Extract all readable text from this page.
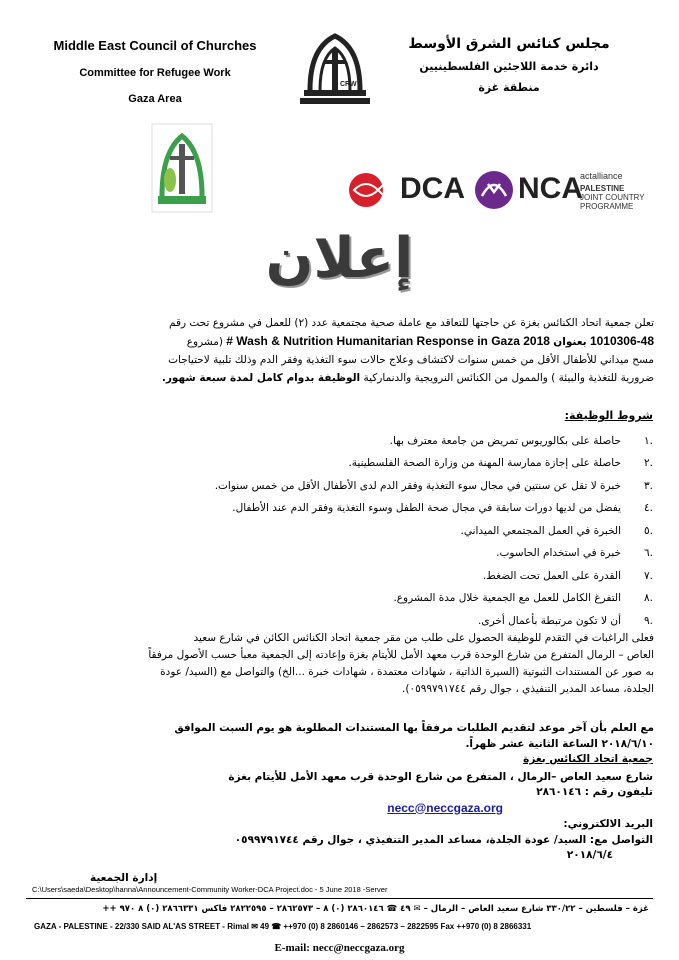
Middle East Council of Churches
Committee for Refugee Work
Gaza Area
مجلس كنائس الشرق الأوسط
دائرة خدمة اللاجئين الفلسطينيين
منطقة غزة
CRW
DCA NCA
actalliance
PALESTINE
JOINT COUNTRY
PROGRAMME
إعلان
تعلن جمعية اتحاد الكنائس بغزة عن حاجتها للتعاقد مع عاملة صحية مجتمعية عدد (٢) للعمل في مشروع تحت رقم
1010306-48 بعنوان # Wash & Nutrition Humanitarian Response in Gaza 2018 (مشروع
مسح ميداني للأطفال الأقل من خمس سنوات لاكتشاف وعلاج حالات سوء التغذية وفقر الدم وذلك تلبية لاحتياجات
ضرورية للتغذية والبيئة ) والممول من الكنائس النرويجية والدنماركية الوظيفة بدوام كامل لمدة سبعة شهور.
شروط الوظيفة:
.١
حاصلة على بكالوريوس تمريض من جامعة معترف بها.
.٢
حاصلة على إجازة ممارسة المهنة من وزارة الصحة الفلسطينية.
.٣
خبرة لا تقل عن سنتين في مجال سوء التغذية وفقر الدم لدى الأطفال الأقل من خمس سنوات.
.٤
يفضل من لديها دورات سابقة في مجال صحة الطفل وسوء التغذية وفقر الدم عند الأطفال.
.٥
الخبرة في العمل المجتمعي الميداني.
.٦
خبرة في استخدام الحاسوب.
.٧
القدرة على العمل تحت الضغط.
.٨
التفرغ الكامل للعمل مع الجمعية خلال مدة المشروع.
.٩
أن لا تكون مرتبطة بأعمال أخرى.
فعلى الراغبات في التقدم للوظيفة الحصول على طلب من مقر جمعية اتحاد الكنائس الكائن في شارع سعيد
العاص – الرمال المتفرع من شارع الوحدة قرب معهد الأمل للأيتام بغزة وإعادته إلى الجمعية معبأ حسب الأصول مرفقاً
به صور عن المستندات الثبوتية (السيرة الذاتية ، شهادات معتمدة ، شهادات خبرة ...الخ) والتواصل مع (السيد/ عودة
الجلدة، مساعد المدير التنفيذي ، جوال رقم ٠٥٩٩٧٩١٧٤٤).
مع العلم بأن آخر موعد لتقديم الطلبات مرفقاً بها المستندات المطلوبة هو يوم السبت الموافق
٢٠١٨/٦/١٠ الساعة الثانية عشر ظهراً.
جمعية اتحاد الكنائس بغزة
شارع سعيد العاص –الرمال ، المتفرع من شارع الوحدة قرب معهد الأمل للأيتام بغزة
تليفون رقم : ٢٨٦٠١٤٦
necc@neccgaza.org
البريد الالكتروني:
التواصل مع: السيد/ عودة الجلدة، مساعد المدير التنفيذي ، جوال رقم ٠٥٩٩٧٩١٧٤٤
٢٠١٨/٦/٤
إدارة الجمعية
C:\Users\saeda\Desktop\hanna\Announcement-Community Worker-DCA Project.doc - 5 June 2018 -Server
غزة – فلسطين – ٣٣٠/٢٢ شارع سعيد العاص – الرمال – ✉ ٤٩ ☎ ٢٨٦٠١٤٦ (٠) ٨ – ٢٨٦٢٥٧٣ – ٢٨٢٢٥٩٥ فاكس ٢٨٦٦٣٣١ (٠) ٨ ٩٧٠ ++
GAZA - PALESTINE - 22/330 SAID AL'AS STREET - Rimal ✉ 49 ☎ ++970 (0) 8 2860146 – 2862573 – 2822595 Fax ++970 (0) 8 2866331
E-mail: necc@neccgaza.org
